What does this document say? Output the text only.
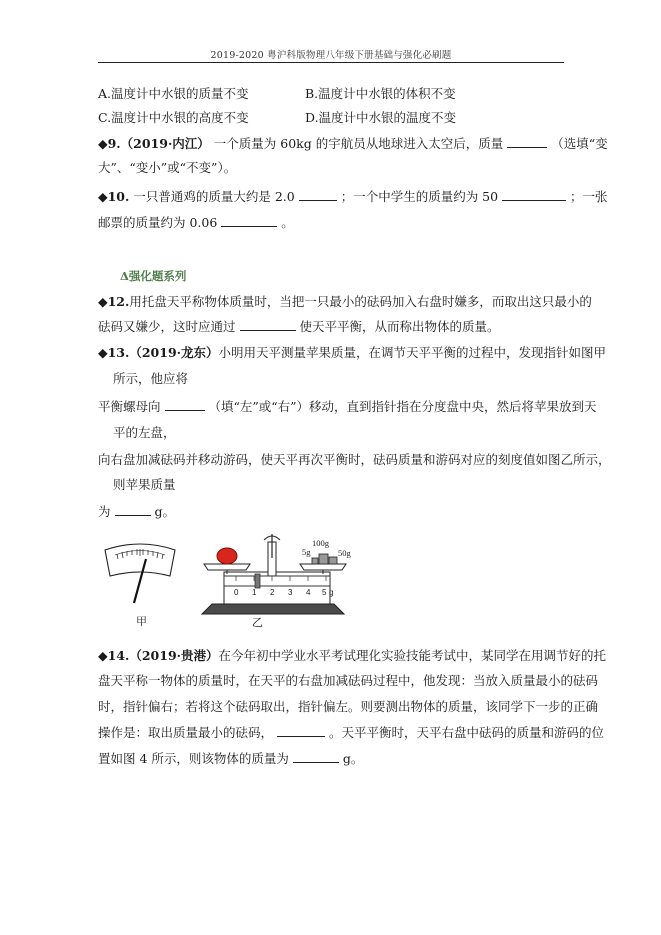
2019-2020 粤沪科版物理八年级下册基础与强化必刷题
A.温度计中水银的质量不变	B.温度计中水银的体积不变
C.温度计中水银的高度不变	D.温度计中水银的温度不变
◆9.（2019·内江） 一个质量为 60kg 的宇航员从地球进入太空后，质量	（选填“变
大”、“变小”或“不变”）。
◆10. 一只普通鸡的质量大约是 2.0	；一个中学生的质量约为 50	；一张
邮票的质量约为 0.06	。
Δ强化题系列
◆12.用托盘天平称物体质量时，当把一只最小的砝码加入右盘时嫌多，而取出这只最小的
砝码又嫌少，这时应通过	使天平平衡，从而称出物体的质量。
◆13.（2019·龙东）小明用天平测量苹果质量，在调节天平平衡的过程中，发现指针如图甲
所示，他应将
平衡螺母向	（填“左”或“右”）移动，直到指针指在分度盘中央，然后将苹果放到天
平的左盘，
向右盘加减砝码并移动游码，使天平再次平衡时，砝码质量和游码对应的刻度值如图乙所示，
则苹果质量
为	g。
甲
5g
100g
50g
0 1 2 3 4 5 g
乙
◆14.（2019·贵港）在今年初中学业水平考试理化实验技能考试中，某同学在用调节好的托
盘天平称一物体的质量时，在天平的右盘加减砝码过程中，他发现：当放入质量最小的砝码
时，指针偏右；若将这个砝码取出，指针偏左。则要测出物体的质量，该同学下一步的正确
操作是：取出质量最小的砝码，	。天平平衡时，天平右盘中砝码的质量和游码的位
置如图 4 所示，则该物体的质量为	g。
